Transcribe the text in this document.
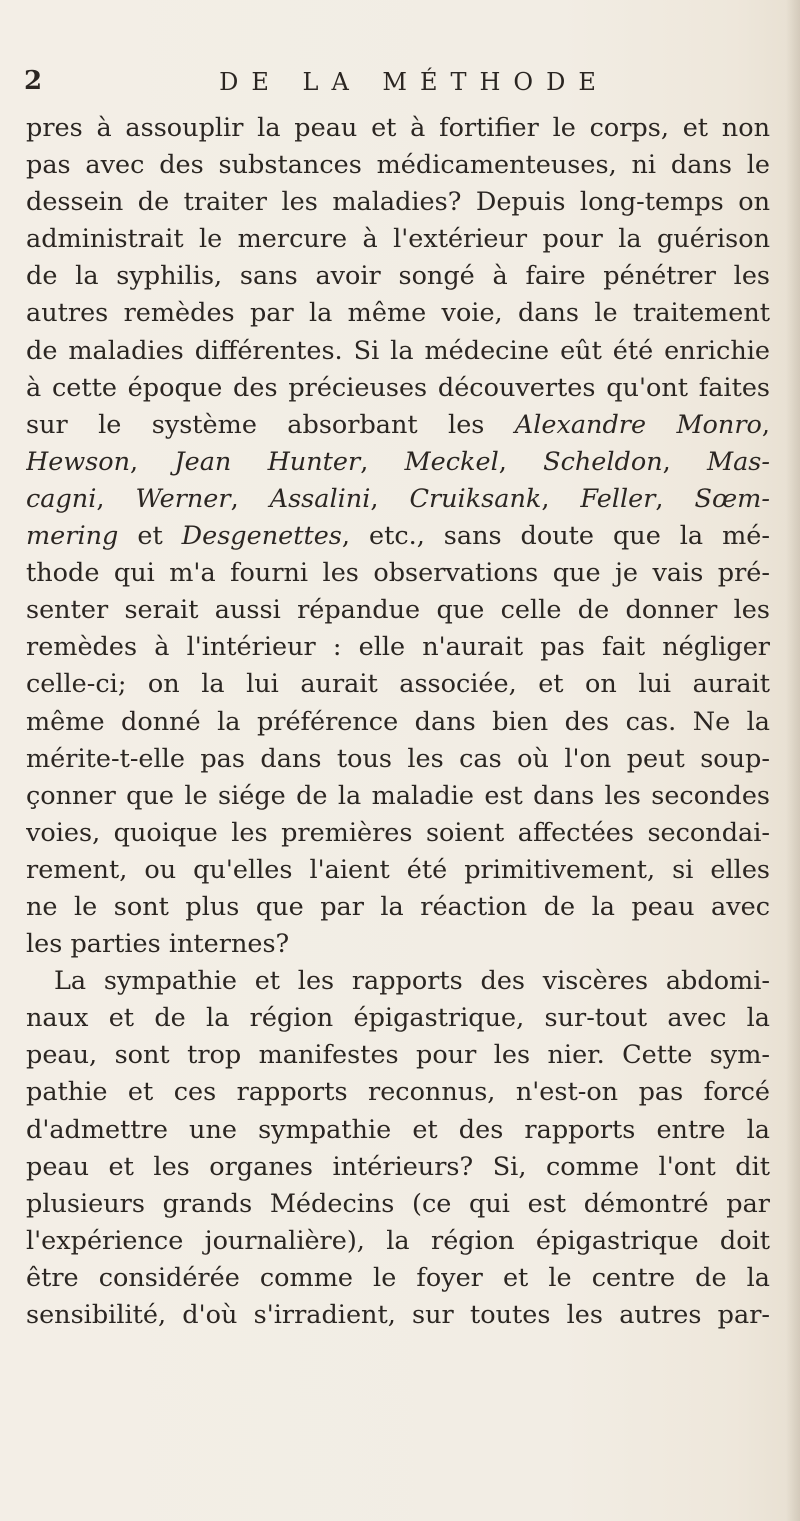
2	DE LA MÉTHODE
pres à assouplir la peau et à fortifier le corps, et non
pas avec des substances médicamenteuses, ni dans le
dessein de traiter les maladies? Depuis long-temps on
administrait le mercure à l'extérieur pour la guérison
de la syphilis, sans avoir songé à faire pénétrer les
autres remèdes par la même voie, dans le traitement
de maladies différentes. Si la médecine eût été enrichie
à cette époque des précieuses découvertes qu'ont faites
sur le système absorbant les Alexandre Monro,
Hewson, Jean Hunter, Meckel, Scheldon, Mas-
cagni, Werner, Assalini, Cruiksank, Feller, Sœm-
mering et Desgenettes, etc., sans doute que la mé-
thode qui m'a fourni les observations que je vais pré-
senter serait aussi répandue que celle de donner les
remèdes à l'intérieur : elle n'aurait pas fait négliger
celle-ci; on la lui aurait associée, et on lui aurait
même donné la préférence dans bien des cas. Ne la
mérite-t-elle pas dans tous les cas où l'on peut soup-
çonner que le siége de la maladie est dans les secondes
voies, quoique les premières soient affectées secondai-
rement, ou qu'elles l'aient été primitivement, si elles
ne le sont plus que par la réaction de la peau avec
les parties internes?
La sympathie et les rapports des viscères abdomi-
naux et de la région épigastrique, sur-tout avec la
peau, sont trop manifestes pour les nier. Cette sym-
pathie et ces rapports reconnus, n'est-on pas forcé
d'admettre une sympathie et des rapports entre la
peau et les organes intérieurs? Si, comme l'ont dit
plusieurs grands Médecins (ce qui est démontré par
l'expérience journalière), la région épigastrique doit
être considérée comme le foyer et le centre de la
sensibilité, d'où s'irradient, sur toutes les autres par-
